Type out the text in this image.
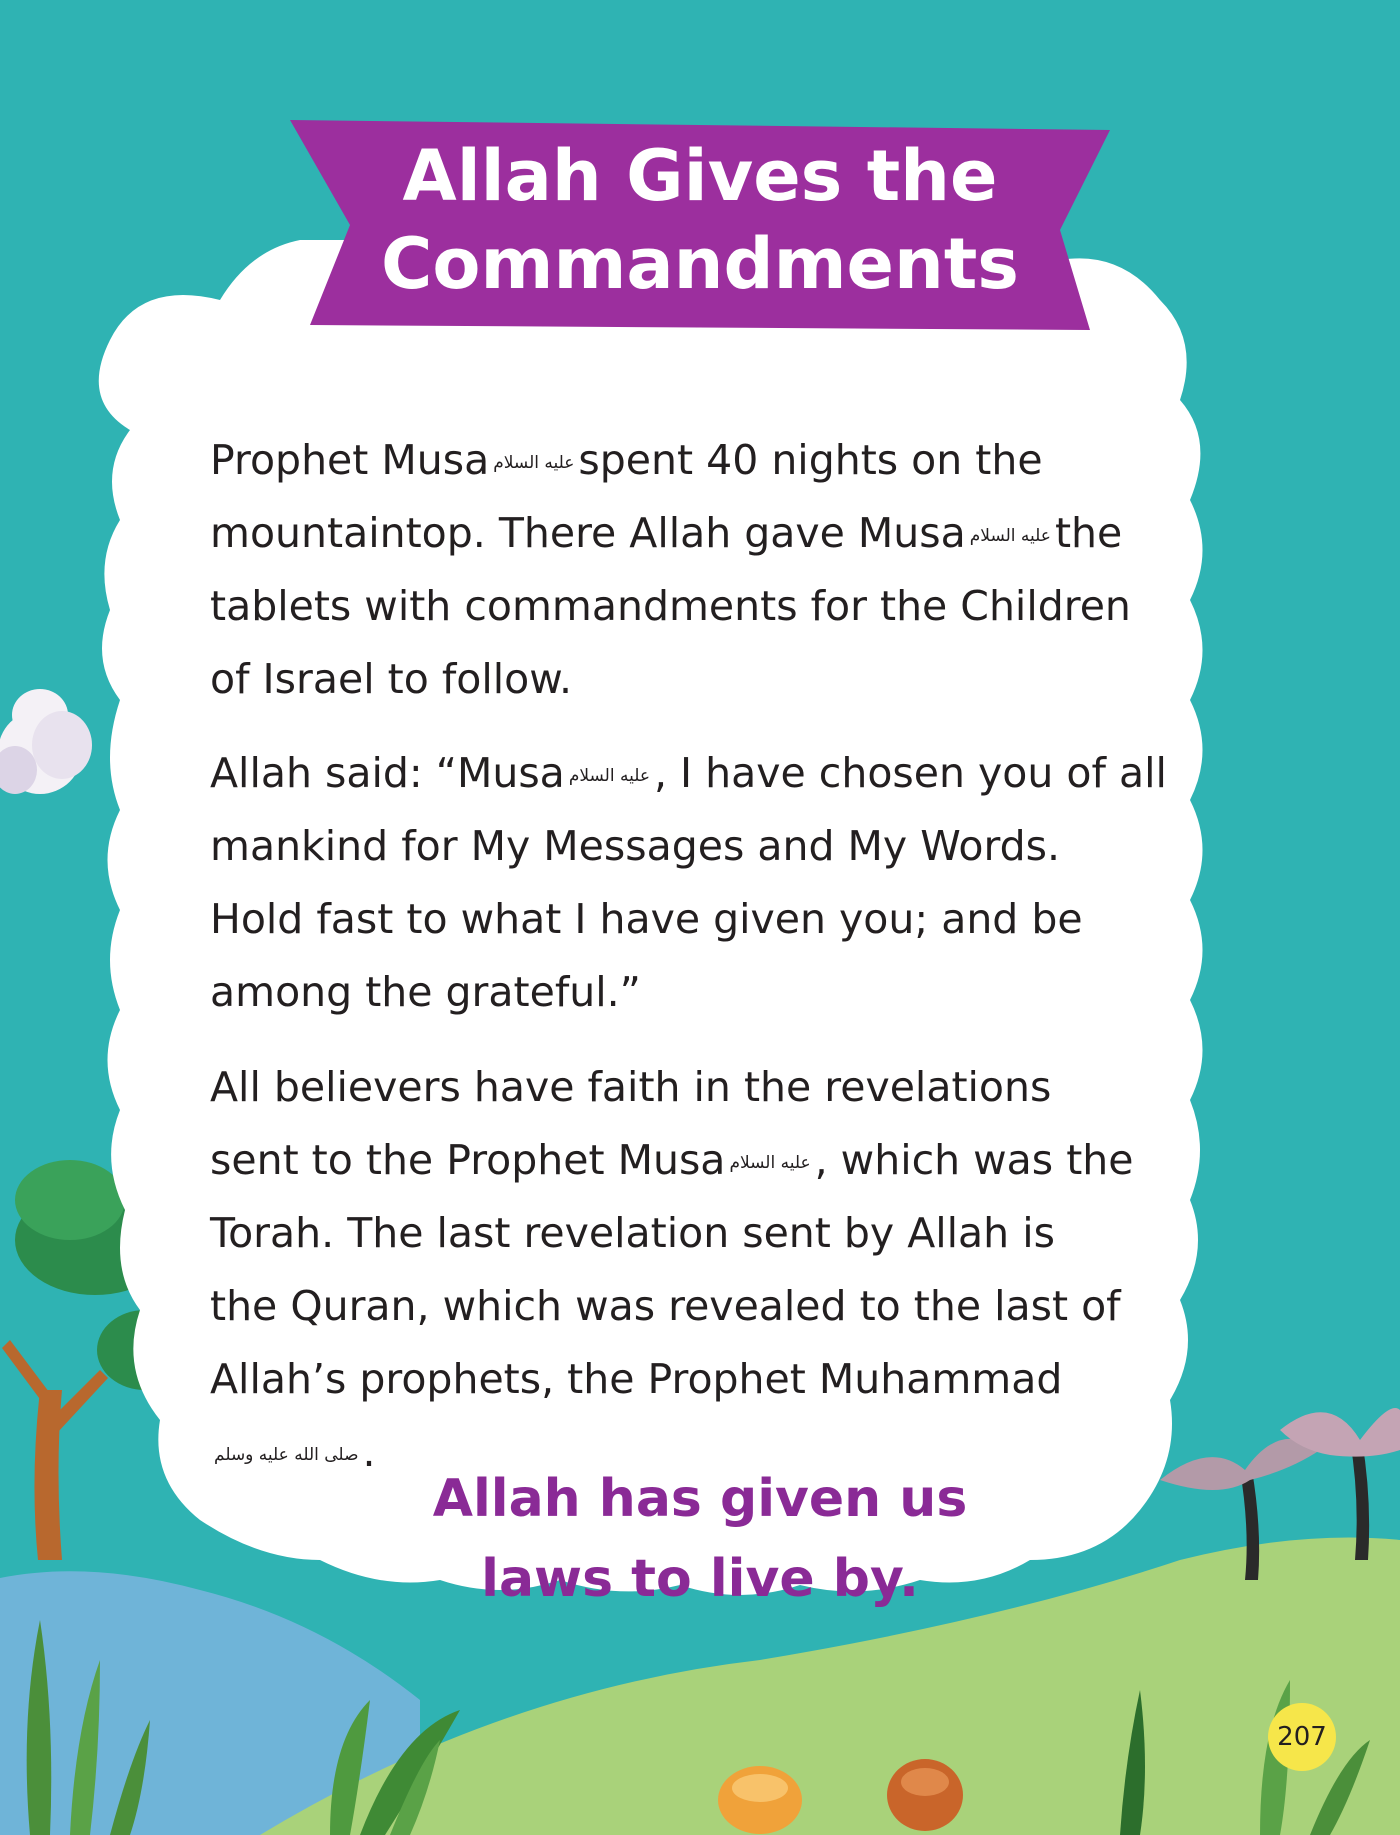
Allah Gives the
Commandments

Prophet Musa عليه السلامspent 40 nights on the
mountaintop. There Allah gave Musa عليه السلامthe
tablets with commandments for the Children
of Israel to follow.

Allah said: “Musa عليه السلام, I have chosen you of all
mankind for My Messages and My Words.
Hold fast to what I have given you; and be
among the grateful.”

All believers have faith in the revelations
sent to the Prophet Musa عليه السلام, which was the
Torah. The last revelation sent by Allah is
the Quran, which was revealed to the last of
Allah’s prophets, the Prophet Muhammadصلى الله عليه وسلم.

Allah has given us
laws to live by.
207
